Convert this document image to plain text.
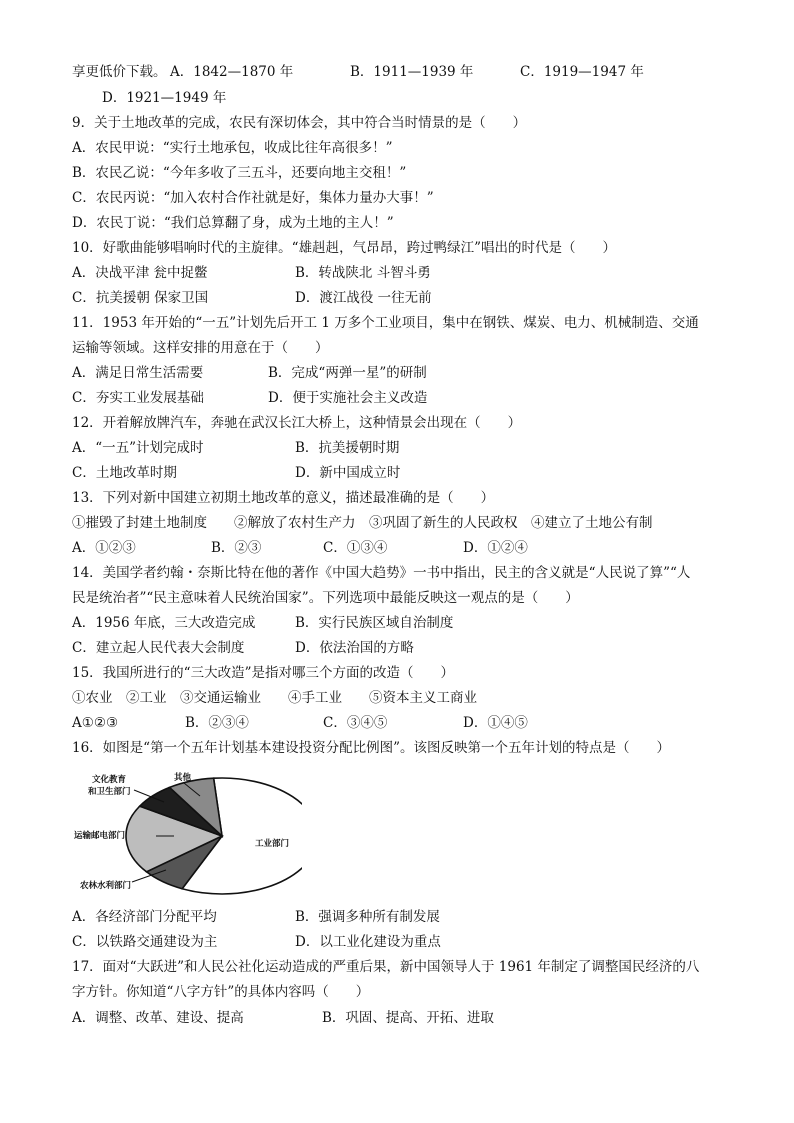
享更低价下载。 A．1842—1870 年	B．1911—1939 年	C．1919—1947 年
D．1921—1949 年
9．关于土地改革的完成，农民有深切体会，其中符合当时情景的是（　　）
A．农民甲说：“实行土地承包，收成比往年高很多！”
B．农民乙说：“今年多收了三五斗，还要向地主交租！”
C．农民丙说：“加入农村合作社就是好，集体力量办大事！”
D．农民丁说：“我们总算翻了身，成为土地的主人！”
10．好歌曲能够唱响时代的主旋律。“雄赳赳，气昂昂，跨过鸭绿江”唱出的时代是（　　）
A．决战平津 瓮中捉鳖	B．转战陕北 斗智斗勇
C．抗美援朝 保家卫国	D．渡江战役 一往无前
11．1953 年开始的“一五”计划先后开工 1 万多个工业项目，集中在钢铁、煤炭、电力、机械制造、交通
运输等领域。这样安排的用意在于（　　）
A．满足日常生活需要	B．完成“两弹一星”的研制
C．夯实工业发展基础	D．便于实施社会主义改造
12．开着解放牌汽车，奔驰在武汉长江大桥上，这种情景会出现在（　　）
A．“一五”计划完成时	B．抗美援朝时期
C．土地改革时期	D．新中国成立时
13．下列对新中国建立初期土地改革的意义，描述最准确的是（　　）
①摧毁了封建土地制度　　②解放了农村生产力　③巩固了新生的人民政权　④建立了土地公有制
A．①②③	B．②③	C．①③④	D．①②④
14．美国学者约翰・奈斯比特在他的著作《中国大趋势》一书中指出，民主的含义就是“人民说了算”“人
民是统治者”“民主意味着人民统治国家”。下列选项中最能反映这一观点的是（　　）
A．1956 年底，三大改造完成	B．实行民族区域自治制度
C．建立起人民代表大会制度	D．依法治国的方略
15．我国所进行的“三大改造”是指对哪三个方面的改造（　　）
①农业　②工业　③交通运输业　　④手工业　　⑤资本主义工商业
A①②③	B．②③④	C．③④⑤	D．①④⑤
16．如图是“第一个五年计划基本建设投资分配比例图”。该图反映第一个五年计划的特点是（　　）
文化教育
和卫生部门
其他
运输邮电部门
工业部门
农林水利部门
A．各经济部门分配平均	B．强调多种所有制发展
C．以铁路交通建设为主	D．以工业化建设为重点
17．面对“大跃进”和人民公社化运动造成的严重后果，新中国领导人于 1961 年制定了调整国民经济的八
字方针。你知道“八字方针”的具体内容吗（　　）
A．调整、改革、建设、提高	B．巩固、提高、开拓、进取
